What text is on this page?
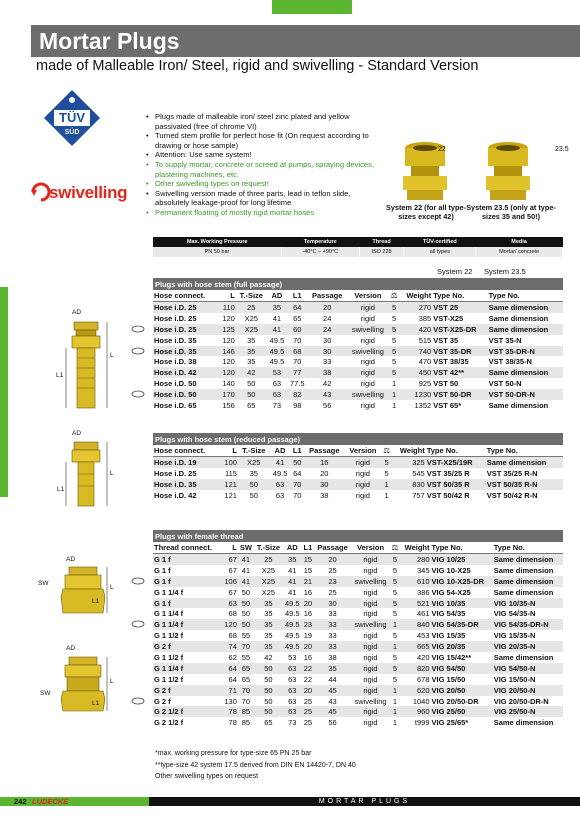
Mortar Plugs
made of Malleable Iron/ Steel, rigid and swivelling - Standard Version
TÜV
SÜD
swivelling
• Plugs made of malleable iron/ steel zinc plated and yellow passivated (free of chrome VI)
• Turned stem profile for perfect hose fit (On request according to drawing or hose sample)
• Attention: Use same system!
• To supply mortar, concrete or screed at pumps, spraying devices, plastering machines, etc.
• Other swivelling types on request!
• Swivelling version made of three parts, lead in teflon slide, absolutely leakage-proof for long lifetime
• Permanent floating of mostly rigid mortar hoses
22
System 22 (for all type-sizes except 42)
23.5
System 23.5 (only at type-sizes 35 and 50!)
Max. Working Pressure	Temperature	Thread	TÜV-certified	Media
PN 50 bar	-40°C – +90°C	ISO 228	all types	Mortar/ concrete
System 22 System 23.5
Plugs with hose stem (full passage)										
Hose connect.	L	T.-Size	AD	L1	Passage	Version	⚖	Weight	Type No.	Type No.
Hose i.D. 25	110	25	35	64	20	rigid	5	270	VST 25	Same dimension
Hose i.D. 25	120	X25	41	65	24	rigid	5	385	VST-X25	Same dimension
Hose i.D. 25	125	X25	41	60	24	swivelling	5	420	VST-X25-DR	Same dimension
Hose i.D. 35	120	35	49.5	70	30	rigid	5	515	VST 35	VST 35-N
Hose i.D. 35	146	35	49.5	68	30	swivelling	5	740	VST 35-DR	VST 35-DR-N
Hose i.D. 38	120	35	49.5	70	33	rigid	5	470	VST 38/35	VST 38/35-N
Hose i.D. 42	120	42	53	77	38	rigid	5	450	VST 42**	Same dimension
Hose i.D. 50	140	50	63	77.5	42	rigid	1	925	VST 50	VST 50-N
Hose i.D. 50	170	50	63	82	43	swivelling	1	1230	VST 50-DR	VST 50-DR-N
Hose i.D. 65	156	65	73	98	56	rigid	1	1352	VST 65*	Same dimension
Plugs with hose stem (reduced passage)										
Hose connect.	L	T.-Size	AD	L1	Passage	Version	⚖	Weight	Type No.	Type No.
Hose i.D. 19	100	X25	41	50	16	rigid	5	325	VST-X25/19R	Same dimension
Hose i.D. 25	115	35	49.5	64	20	rigid	5	545	VST 35/25 R	VST 35/25 R-N
Hose i.D. 35	121	50	63	70	30	rigid	1	830	VST 50/35 R	VST 50/35 R-N
Hose i.D. 42	121	50	63	70	38	rigid	1	757	VST 50/42 R	VST 50/42 R-N
Plugs with female thread											
Thread connect.	L	SW	T.-Size	AD	L1	Passage	Version	⚖	Weight	Type No.	Type No.
G 1 f	67	41	25	35	15	20	rigid	5	280	VIG 10/25	Same dimension
G 1 f	67	41	X25	41	15	25	rigid	5	345	VIG 10-X25	Same dimension
G 1 f	106	41	X25	41	21	23	swivelling	5	610	VIG 10-X25-DR	Same dimension
G 1 1/4 f	67	50	X25	41	16	25	rigid	5	386	VIG 54-X25	Same dimension
G 1 f	63	50	35	49.5	20	30	rigid	5	521	VIG 10/35	VIG 10/35-N
G 1 1/4 f	68	50	35	49.5	16	33	rigid	5	461	VIG 54/35	VIG 54/35-N
G 1 1/4 f	120	50	35	49.5	23	33	swivelling	1	840	VIG 54/35-DR	VIG 54/35-DR-N
G 1 1/2 f	68	55	35	49.5	19	33	rigid	5	453	VIG 15/35	VIG 15/35-N
G 2 f	74	70	35	49.5	20	33	rigid	1	665	VIG 20/35	VIG 20/35-N
G 1 1/2 f	62	55	42	53	16	38	rigid	5	420	VIG 15/42**	Same dimension
G 1 1/4 f	64	65	50	63	22	35	rigid	5	820	VIG 54/50	VIG 54/50-N
G 1 1/2 f	64	65	50	63	22	44	rigid	5	678	VIG 15/50	VIG 15/50-N
G 2 f	71	70	50	63	20	45	rigid	1	620	VIG 20/50	VIG 20/50-N
G 2 f	130	70	50	63	25	43	swivelling	1	1040	VIG 20/50-DR	VIG 20/50-DR-N
G 2 1/2 f	78	85	50	63	25	45	rigid	1	960	VIG 25/50	VIG 25/50-N
G 2 1/2 f	78	85	65	73	25	56	rigid	1	t999	VIG 25/65*	Same dimension
AD
L
L1
AD
L
L1
AD
SW
L
L1
AD
SW
L
L1
*max. working pressure for type-size 65 PN 25 bar
**type-size 42 system 17.5 derived from DIN EN 14420-7, DN 40
Other swivelling types on request
242 LUDECKE	MORTAR PLUGS
